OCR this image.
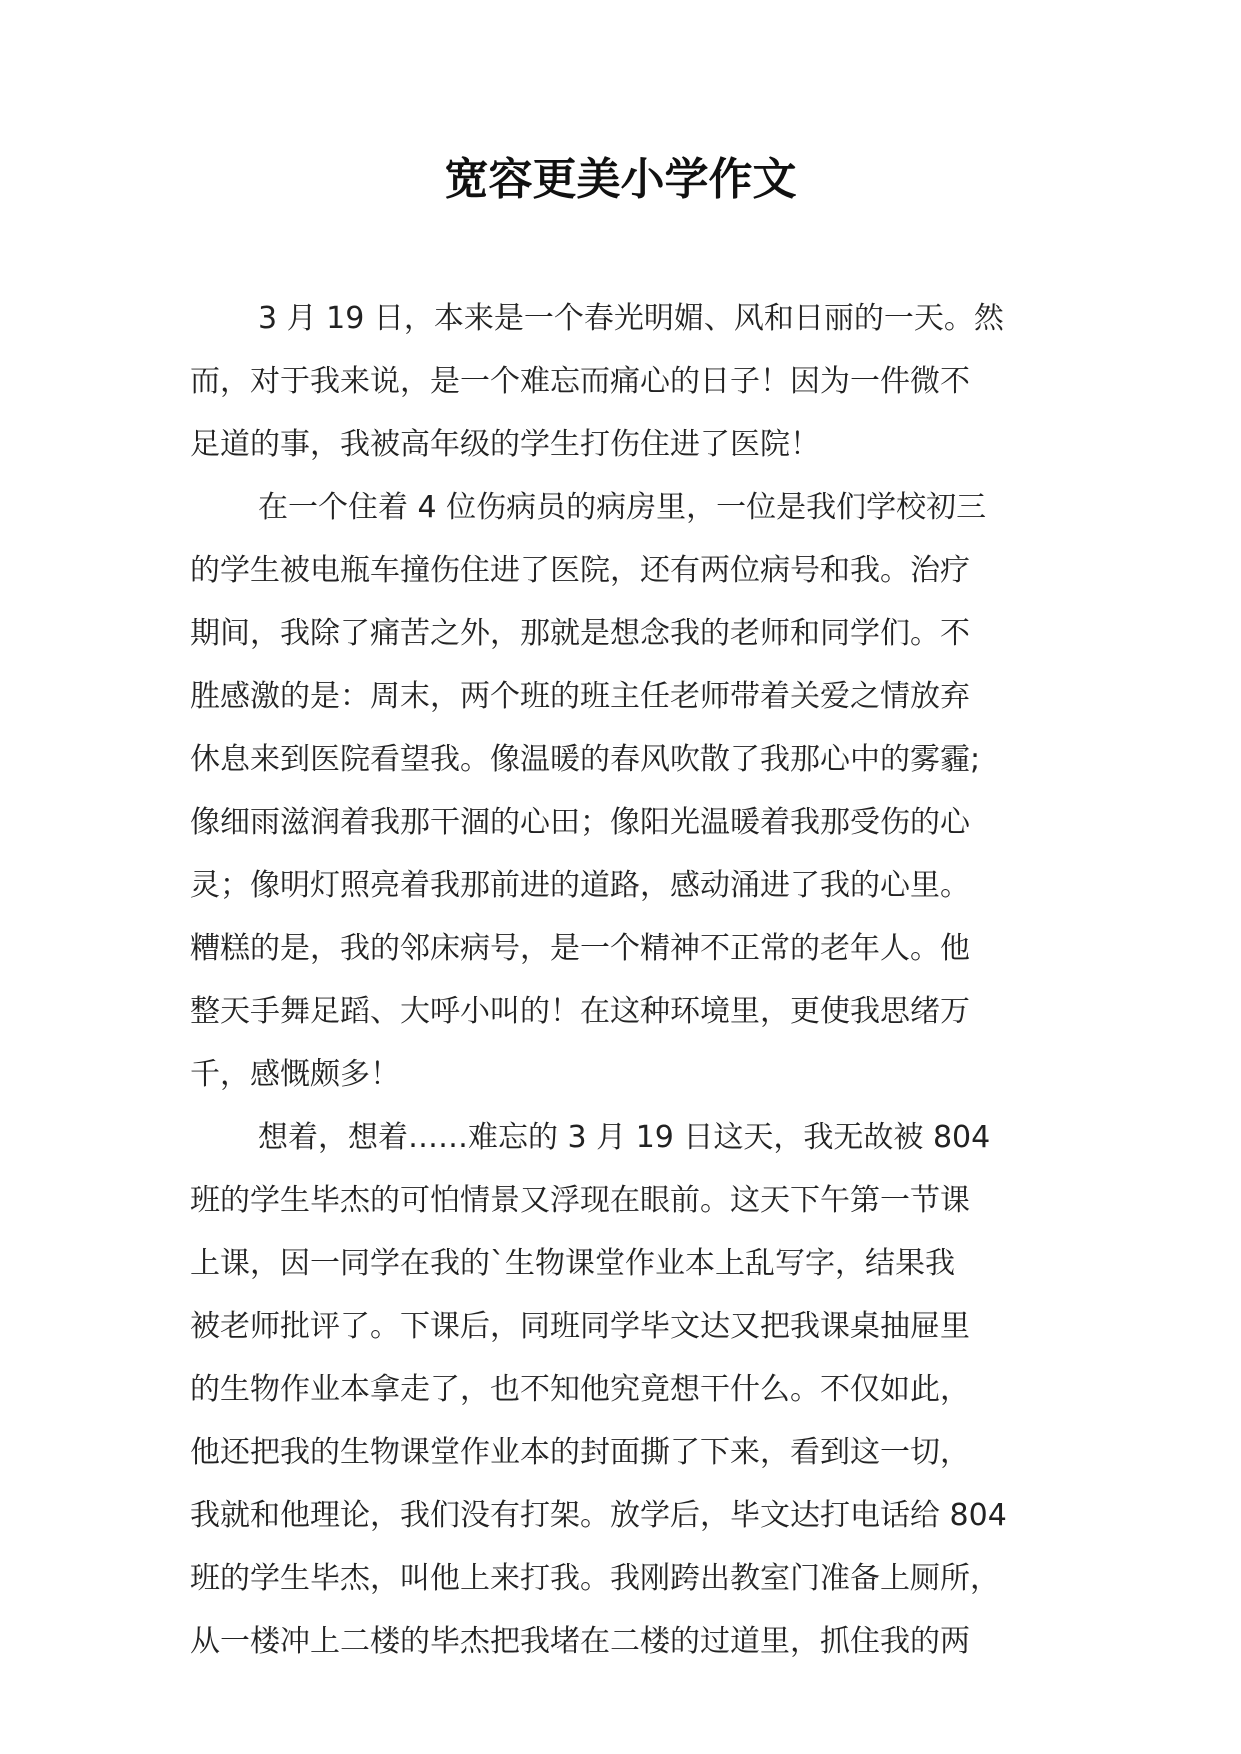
宽容更美小学作文
3 月 19 日，本来是一个春光明媚、风和日丽的一天。然
而，对于我来说，是一个难忘而痛心的日子！因为一件微不
足道的事，我被高年级的学生打伤住进了医院！
在一个住着 4 位伤病员的病房里，一位是我们学校初三
的学生被电瓶车撞伤住进了医院，还有两位病号和我。治疗
期间，我除了痛苦之外，那就是想念我的老师和同学们。不
胜感激的是：周末，两个班的班主任老师带着关爱之情放弃
休息来到医院看望我。像温暖的春风吹散了我那心中的雾霾;
像细雨滋润着我那干涸的心田；像阳光温暖着我那受伤的心
灵；像明灯照亮着我那前进的道路，感动涌进了我的心里。
糟糕的是，我的邻床病号，是一个精神不正常的老年人。他
整天手舞足蹈、大呼小叫的！在这种环境里，更使我思绪万
千，感慨颇多！
想着，想着……难忘的 3 月 19 日这天，我无故被 804
班的学生毕杰的可怕情景又浮现在眼前。这天下午第一节课
上课，因一同学在我的`生物课堂作业本上乱写字，结果我
被老师批评了。下课后，同班同学毕文达又把我课桌抽屉里
的生物作业本拿走了，也不知他究竟想干什么。不仅如此，
他还把我的生物课堂作业本的封面撕了下来，看到这一切，
我就和他理论，我们没有打架。放学后，毕文达打电话给 804
班的学生毕杰，叫他上来打我。我刚跨出教室门准备上厕所，
从一楼冲上二楼的毕杰把我堵在二楼的过道里，抓住我的两
